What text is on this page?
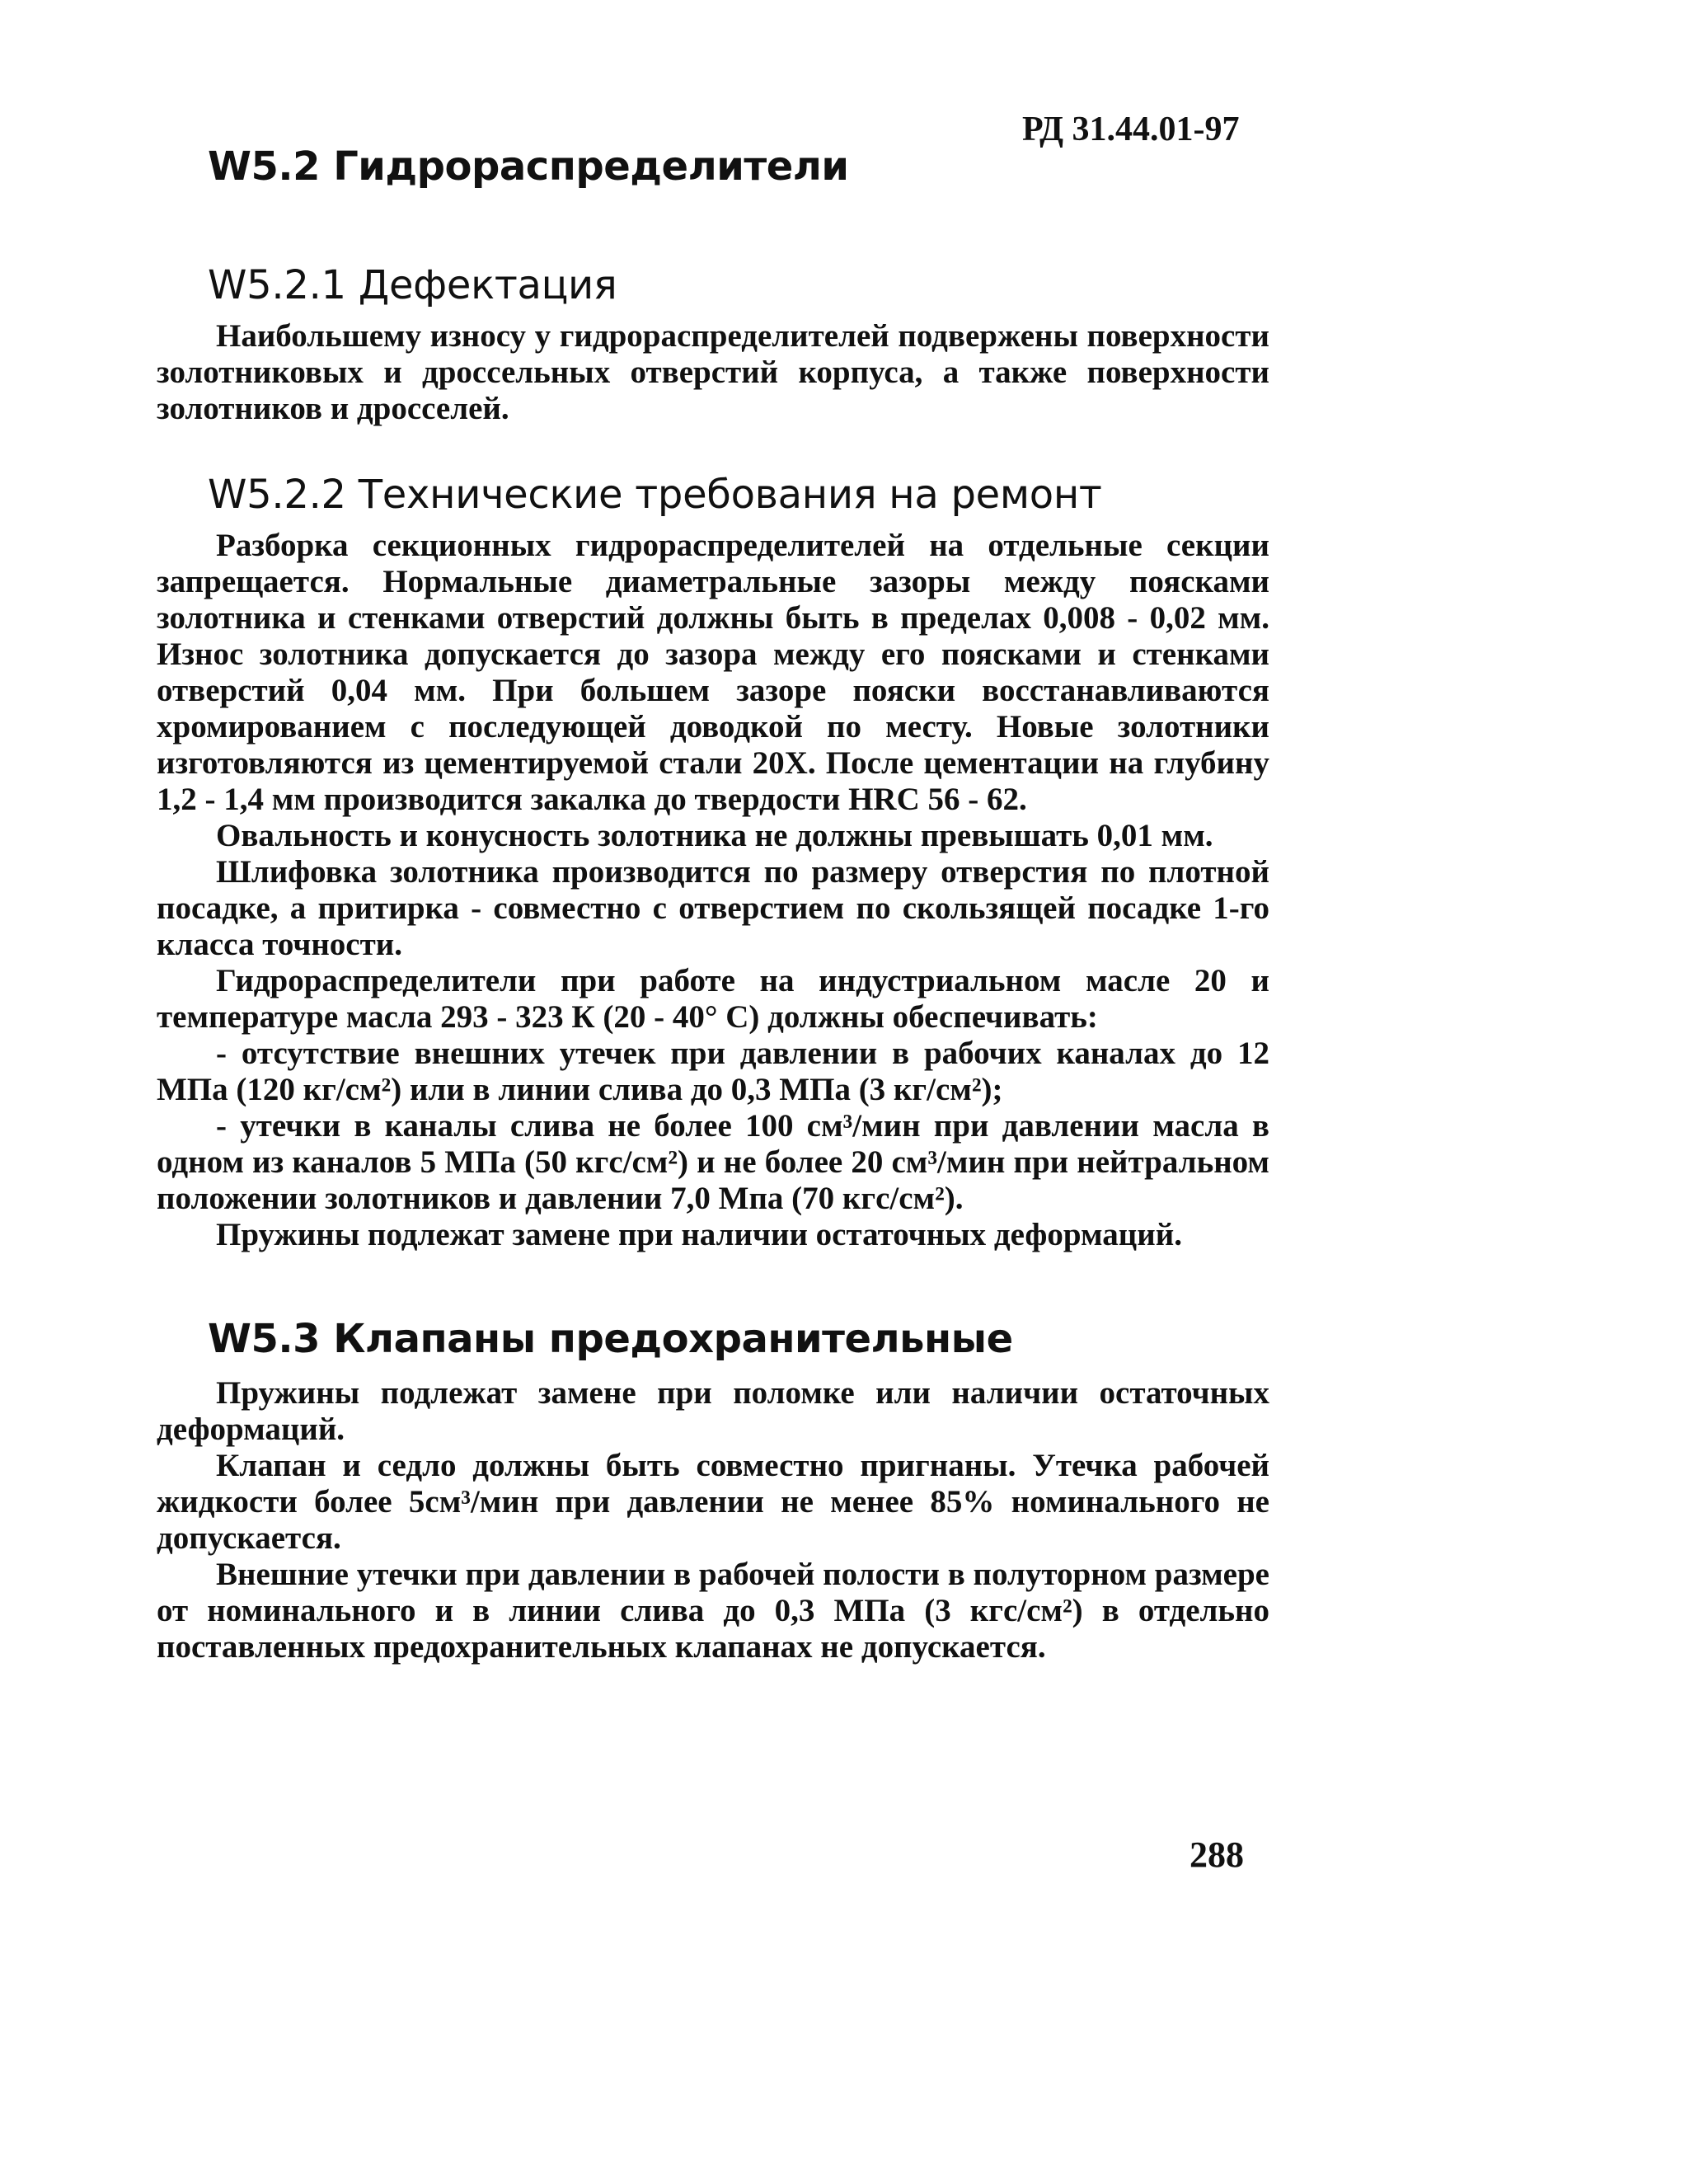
РД 31.44.01-97
W5.2 Гидрораспределители
W5.2.1 Дефектация

Наибольшему износу у гидрораспределителей подвержены поверхности золотниковых и дроссельных отверстий корпуса, а также поверхности золотников и дросселей.

W5.2.2 Технические требования на ремонт

Разборка секционных гидрораспределителей на отдельные секции запрещается. Нормальные диаметральные зазоры между поясками золотника и стенками отверстий должны быть в пределах 0,008 - 0,02 мм. Износ золотника допускается до зазора между его поясками и стенками отверстий 0,04 мм. При большем зазоре пояски восстанавливаются хромированием с последующей доводкой по месту. Новые золотники изготовляются из цементируемой стали 20Х. После цементации на глубину 1,2 - 1,4 мм производится закалка до твердости HRC 56 - 62.

Овальность и конусность золотника не должны превышать 0,01 мм.

Шлифовка золотника производится по размеру отверстия по плотной посадке, а притирка - совместно с отверстием по скользящей посадке 1-го класса точности.

Гидрораспределители при работе на индустриальном масле 20 и температуре масла 293 - 323 К (20 - 40° С) должны обеспечивать:

- отсутствие внешних утечек при давлении в рабочих каналах до 12 МПа (120 кг/см²) или в линии слива до 0,3 МПа (3 кг/см²);

- утечки в каналы слива не более 100 см³/мин при давлении масла в одном из каналов 5 МПа (50 кгс/см²) и не более 20 см³/мин при нейтральном положении золотников и давлении 7,0 Мпа (70 кгс/см²).

Пружины подлежат замене при наличии остаточных деформаций.

W5.3 Клапаны предохранительные

Пружины подлежат замене при поломке или наличии остаточных деформаций.

Клапан и седло должны быть совместно пригнаны. Утечка рабочей жидкости более 5см³/мин при давлении не менее 85% номинального не допускается.

Внешние утечки при давлении в рабочей полости в полуторном размере от номинального и в линии слива до 0,3 МПа (3 кгс/см²) в отдельно поставленных предохранительных клапанах не допускается.

288
